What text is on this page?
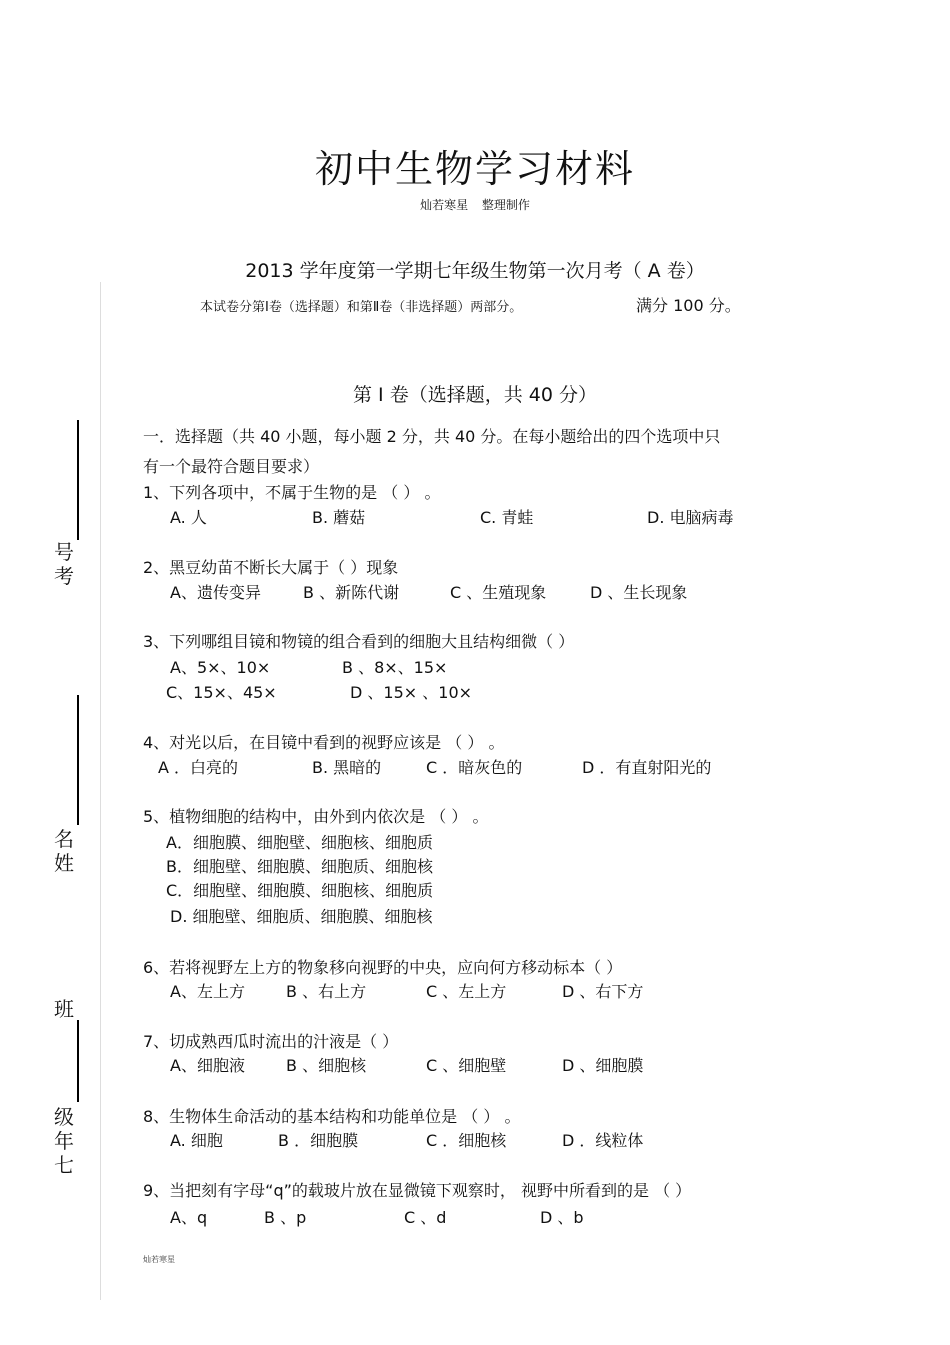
初中生物学习材料
灿若寒星 整理制作
2013 学年度第一学期七年级生物第一次月考（ A 卷）
本试卷分第Ⅰ卷（选择题）和第Ⅱ卷（非选择题）两部分。	满分 100 分。
第 I 卷（选择题，共 40 分）
一．选择题（共 40 小题，每小题 2 分，共 40 分。在每小题给出的四个选项中只
有一个最符合题目要求）
号考
名姓
班
级年七
1、下列各项中，不属于生物的是 （ ） 。
A. 人	B. 蘑菇	C. 青蛙	D. 电脑病毒
2、黑豆幼苗不断长大属于（ ）现象
A、遗传变异	B 、新陈代谢	C 、生殖现象	D 、生长现象
3、下列哪组目镜和物镜的组合看到的细胞大且结构细微（ ）
A、5×、10×	B 、8×、15×
C、15×、45×	D 、15× 、10×
4、对光以后，在目镜中看到的视野应该是 （ ） 。
A ．白亮的	B. 黑暗的	C ．暗灰色的	D ．有直射阳光的
5、植物细胞的结构中，由外到内依次是 （ ） 。
A．细胞膜、细胞壁、细胞核、细胞质
B．细胞壁、细胞膜、细胞质、细胞核
C．细胞壁、细胞膜、细胞核、细胞质
D. 细胞壁、细胞质、细胞膜、细胞核
6、若将视野左上方的物象移向视野的中央，应向何方移动标本（ ）
A、左上方	B 、右上方	C 、左上方	D 、右下方
7、切成熟西瓜时流出的汁液是（ ）
A、细胞液	B 、细胞核	C 、细胞壁	D 、细胞膜
8、生物体生命活动的基本结构和功能单位是 （ ） 。
A. 细胞	B ．细胞膜	C ．细胞核	D ．线粒体
9、当把刻有字母“q”的载玻片放在显微镜下观察时， 视野中所看到的是 （ ）
A、q	B 、p	C 、d	D 、b
灿若寒星
